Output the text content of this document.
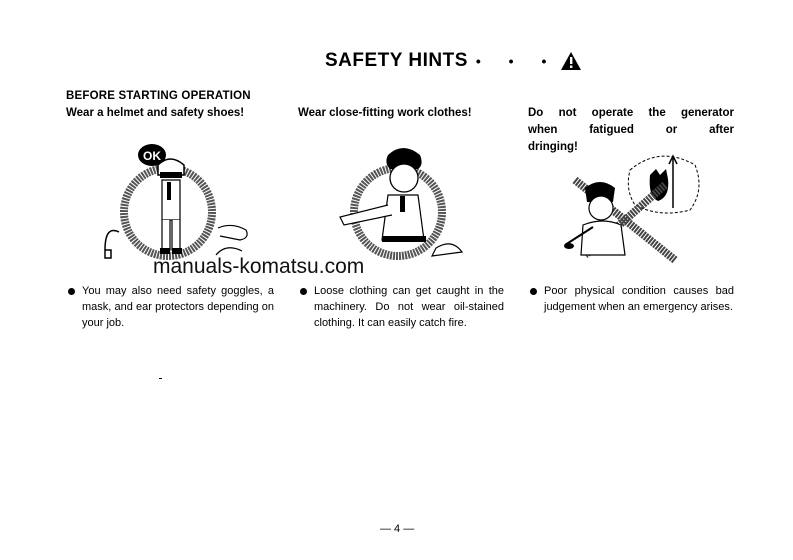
SAFETY HINTS • • •
BEFORE STARTING OPERATION
Wear a helmet and safety shoes!	Wear close-fitting work clothes!	Do not operate the generator when fatigued or after dringing!
OK
manuals-komatsu.com
You may also need safety goggles, a mask, and ear protectors depending on your job.
Loose clothing can get caught in the machinery. Do not wear oil-stained clothing. It can easily catch fire.
Poor physical condition causes bad judgement when an emergency arises.
— 4 —
